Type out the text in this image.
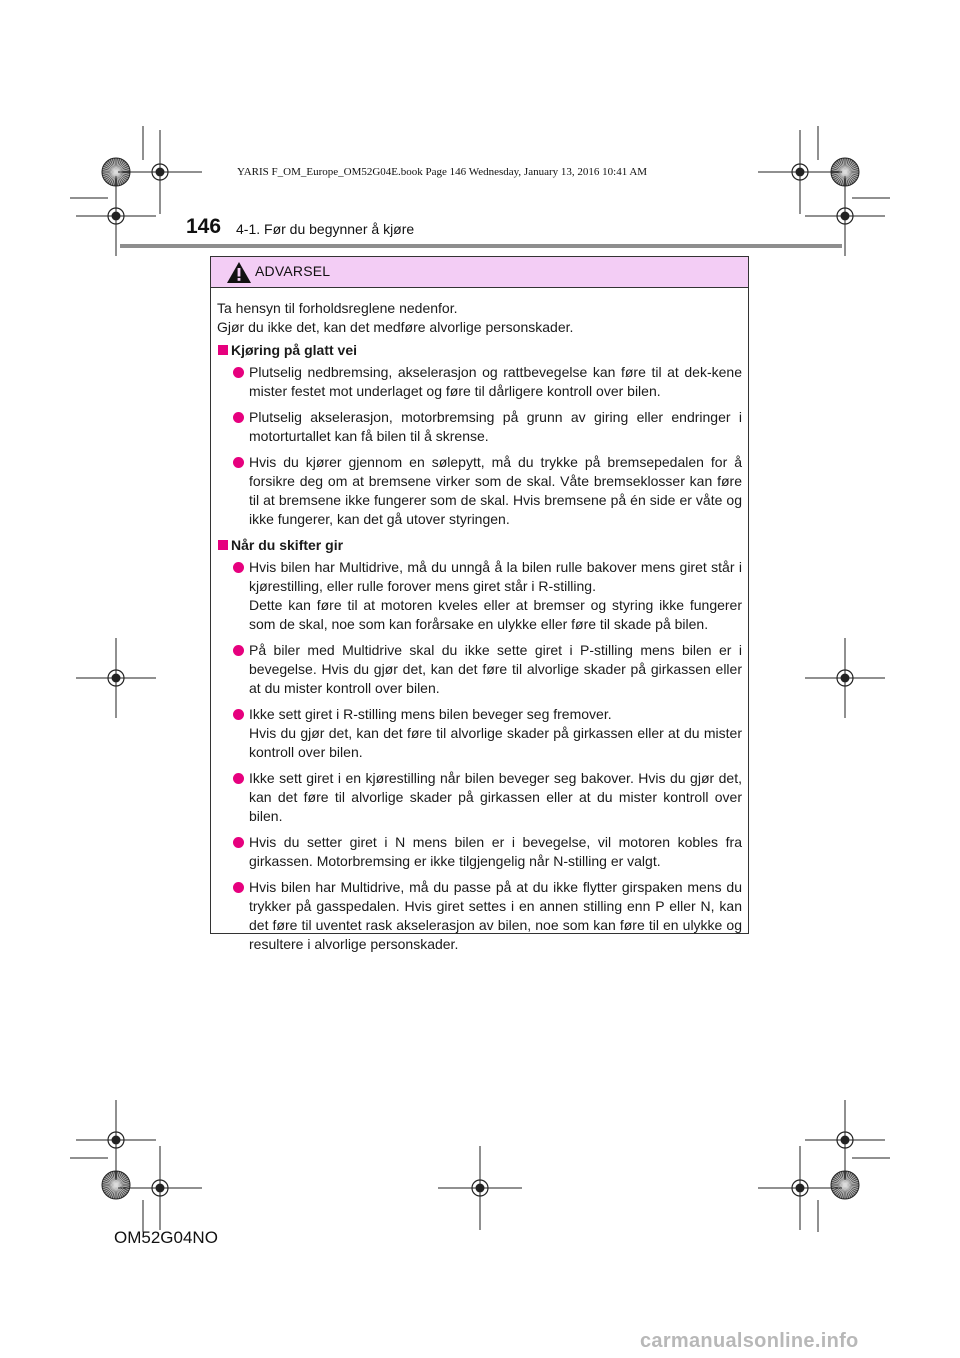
YARIS F_OM_Europe_OM52G04E.book Page 146 Wednesday, January 13, 2016 10:41 AM
146 4-1. Før du begynner å kjøre
ADVARSEL
Ta hensyn til forholdsreglene nedenfor.
Gjør du ikke det, kan det medføre alvorlige personskader.
Kjøring på glatt vei
Plutselig nedbremsing, akselerasjon og rattbevegelse kan føre til at dek-kene mister festet mot underlaget og føre til dårligere kontroll over bilen.
Plutselig akselerasjon, motorbremsing på grunn av giring eller endringer i motorturtallet kan få bilen til å skrense.
Hvis du kjører gjennom en sølepytt, må du trykke på bremsepedalen for å forsikre deg om at bremsene virker som de skal. Våte bremseklosser kan føre til at bremsene ikke fungerer som de skal. Hvis bremsene på én side er våte og ikke fungerer, kan det gå utover styringen.
Når du skifter gir
Hvis bilen har Multidrive, må du unngå å la bilen rulle bakover mens giret står i kjørestilling, eller rulle forover mens giret står i R-stilling.
Dette kan føre til at motoren kveles eller at bremser og styring ikke fungerer som de skal, noe som kan forårsake en ulykke eller føre til skade på bilen.
På biler med Multidrive skal du ikke sette giret i P-stilling mens bilen er i bevegelse. Hvis du gjør det, kan det føre til alvorlige skader på girkassen eller at du mister kontroll over bilen.
Ikke sett giret i R-stilling mens bilen beveger seg fremover.
Hvis du gjør det, kan det føre til alvorlige skader på girkassen eller at du mister kontroll over bilen.
Ikke sett giret i en kjørestilling når bilen beveger seg bakover. Hvis du gjør det, kan det føre til alvorlige skader på girkassen eller at du mister kontroll over bilen.
Hvis du setter giret i N mens bilen er i bevegelse, vil motoren kobles fra girkassen. Motorbremsing er ikke tilgjengelig når N-stilling er valgt.
Hvis bilen har Multidrive, må du passe på at du ikke flytter girspaken mens du trykker på gasspedalen. Hvis giret settes i en annen stilling enn P eller N, kan det føre til uventet rask akselerasjon av bilen, noe som kan føre til en ulykke og resultere i alvorlige personskader.
OM52G04NO
carmanualsonline.info
